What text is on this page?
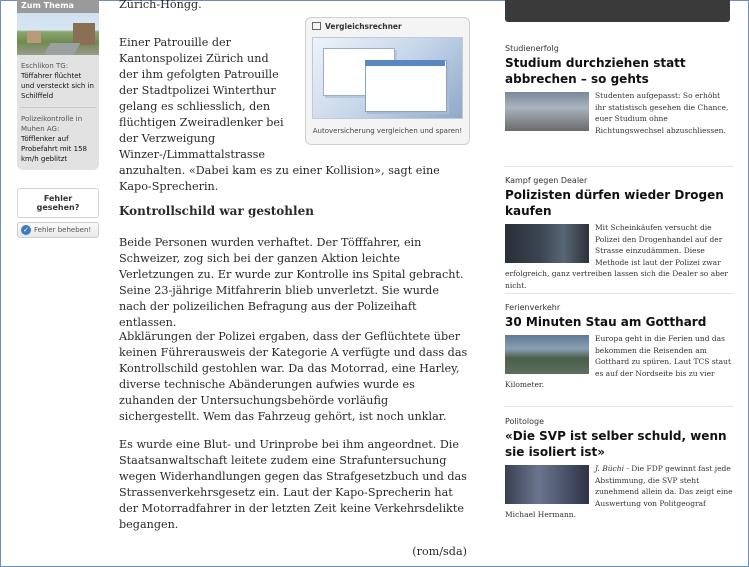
Zum Thema
Eschlikon TG:
Töffahrer flüchtet und versteckt sich in Schilffeld
Polizeikontrolle in Muhen AG:
Töfflenker auf Probefahrt mit 158 km/h geblitzt
Fehler gesehen?
✓ Fehler beheben!

Zürich-Höngg.

Einer Patrouille der Kantonspolizei Zürich und der ihm gefolgten Patrouille der Stadtpolizei Winterthur gelang es schliesslich, den flüchtigen Zweiradlenker bei der Verzweigung Winzer-/Limmattalstrasse
anzuhalten. «Dabei kam es zu einer Kollision», sagt eine Kapo-Sprecherin.

Kontrollschild war gestohlen

Beide Personen wurden verhaftet. Der Töfffahrer, ein Schweizer, zog sich bei der ganzen Aktion leichte Verletzungen zu. Er wurde zur Kontrolle ins Spital gebracht. Seine 23-jährige Mitfahrerin blieb unverletzt. Sie wurde nach der polizeilichen Befragung aus der Polizeihaft entlassen.

Abklärungen der Polizei ergaben, dass der Geflüchtete über keinen Führerausweis der Kategorie A verfügte und dass das Kontrollschild gestohlen war. Da das Motorrad, eine Harley, diverse technische Abänderungen aufwies wurde es zuhanden der Untersuchungsbehörde vorläufig sichergestellt. Wem das Fahrzeug gehört, ist noch unklar.

Es wurde eine Blut- und Urinprobe bei ihm angeordnet. Die Staatsanwaltschaft leitete zudem eine Strafuntersuchung wegen Widerhandlungen gegen das Strafgesetzbuch und das Strassenverkehrsgesetz ein. Laut der Kapo-Sprecherin hat der Motorradfahrer in der letzten Zeit keine Verkehrsdelikte begangen.

(rom/sda)
Vergleichsrechner
Autoversicherung vergleichen und sparen!
Studienerfolg
Studium durchziehen statt abbrechen – so gehts
Studenten aufgepasst: So erhöht ihr statistisch gesehen die Chance, euer Studium ohne Richtungswechsel abzuschliessen.
Kampf gegen Dealer
Polizisten dürfen wieder Drogen kaufen
Mit Scheinkäufen versucht die Polizei den Drogenhandel auf der Strasse einzudämmen. Diese Methode ist laut der Polizei zwar erfolgreich, ganz vertreiben lassen sich die Dealer so aber nicht.
Ferienverkehr
30 Minuten Stau am Gotthard
Europa geht in die Ferien und das bekommen die Reisenden am Gotthard zu spüren. Laut TCS staut es auf der Nordseite bis zu vier Kilometer.
Politologe
«Die SVP ist selber schuld, wenn sie isoliert ist»
J. Büchi - Die FDP gewinnt fast jede Abstimmung, die SVP steht zunehmend allein da. Das zeigt eine Auswertung von Politgeograf Michael Hermann.
